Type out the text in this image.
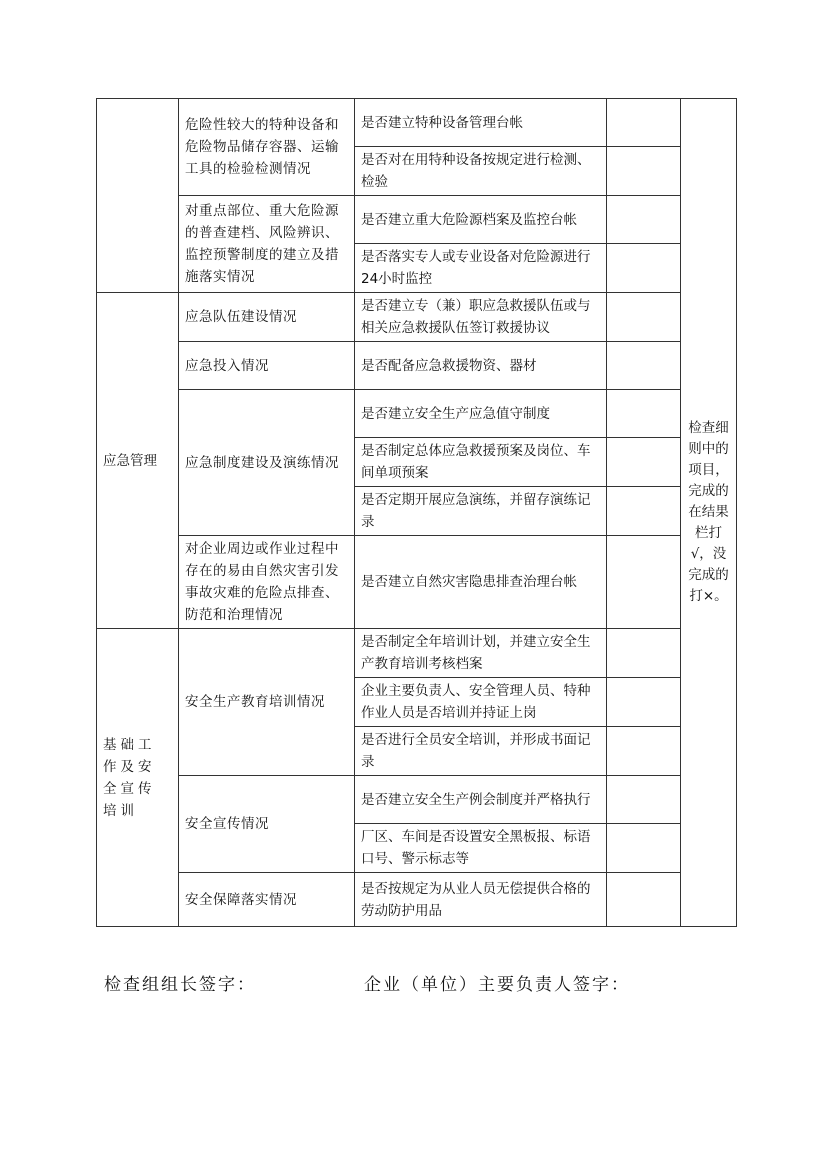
	危险性较大的特种设备和危险物品储存容器、运输工具的检验检测情况	是否建立特种设备管理台帐		检查细则中的项目，完成的在结果栏打√，没完成的打×。
		是否对在用特种设备按规定进行检测、检验		
	对重点部位、重大危险源的普查建档、风险辨识、监控预警制度的建立及措施落实情况	是否建立重大危险源档案及监控台帐		
		是否落实专人或专业设备对危险源进行24小时监控		
应急管理	应急队伍建设情况	是否建立专（兼）职应急救援队伍或与相关应急救援队伍签订救援协议		
	应急投入情况	是否配备应急救援物资、器材		
	应急制度建设及演练情况	是否建立安全生产应急值守制度		
		是否制定总体应急救援预案及岗位、车间单项预案		
		是否定期开展应急演练，并留存演练记录		
	对企业周边或作业过程中存在的易由自然灾害引发事故灾难的危险点排查、防范和治理情况	是否建立自然灾害隐患排查治理台帐		
基础工作及安全宣传培训	安全生产教育培训情况	是否制定全年培训计划，并建立安全生产教育培训考核档案		
		企业主要负责人、安全管理人员、特种作业人员是否培训并持证上岗		
		是否进行全员安全培训，并形成书面记录		
	安全宣传情况	是否建立安全生产例会制度并严格执行		
		厂区、车间是否设置安全黑板报、标语口号、警示标志等		
	安全保障落实情况	是否按规定为从业人员无偿提供合格的劳动防护用品		
检查组组长签字：	企业（单位）主要负责人签字：
